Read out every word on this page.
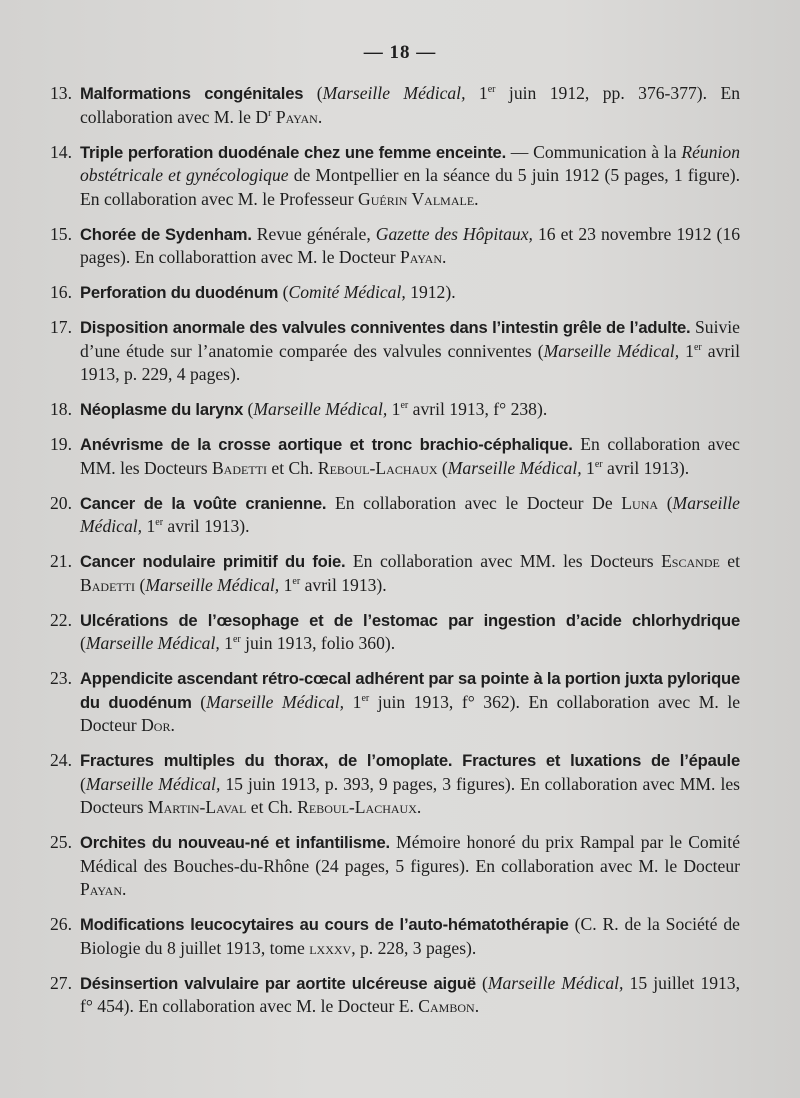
— 18 —
13. Malformations congénitales (Marseille Médical, 1er juin 1912, pp. 376-377). En collaboration avec M. le $D^r$ Payan.
14. Triple perforation duodénale chez une femme enceinte. — Communication à la Réunion obstétricale et gynécologique de Montpellier en la séance du 5 juin 1912 (5 pages, 1 figure). En collaboration avec M. le Professeur Guérin Valmale.
15. Chorée de Sydenham. Revue générale, Gazette des Hôpitaux, 16 et 23 novembre 1912 (16 pages). En collaborattion avec M. le Docteur Payan.
16. Perforation du duodénum (Comité Médical, 1912).
17. Disposition anormale des valvules conniventes dans l’intestin grêle de l’adulte. Suivie d’une étude sur l’anatomie comparée des valvules conniventes (Marseille Médical, 1er avril 1913, p. 229, 4 pages).
18. Néoplasme du larynx (Marseille Médical, 1er avril 1913, f° 238).
19. Anévrisme de la crosse aortique et tronc brachio-céphalique. En collaboration avec MM. les Docteurs Badetti et Ch. Reboul-Lachaux (Marseille Médical, 1er avril 1913).
20. Cancer de la voûte cranienne. En collaboration avec le Docteur De Luna (Marseille Médical, 1er avril 1913).
21. Cancer nodulaire primitif du foie. En collaboration avec MM. les Docteurs Escande et Badetti (Marseille Médical, 1er avril 1913).
22. Ulcérations de l’œsophage et de l’estomac par ingestion d’acide chlorhydrique (Marseille Médical, 1er juin 1913, folio 360).
23. Appendicite ascendant rétro-cœcal adhérent par sa pointe à la portion juxta pylorique du duodénum (Marseille Médical, 1er juin 1913, f° 362). En collaboration avec M. le Docteur Dor.
24. Fractures multiples du thorax, de l’omoplate. Fractures et luxations de l’épaule (Marseille Médical, 15 juin 1913, p. 393, 9 pages, 3 figures). En collaboration avec MM. les Docteurs Martin-Laval et Ch. Reboul-Lachaux.
25. Orchites du nouveau-né et infantilisme. Mémoire honoré du prix Rampal par le Comité Médical des Bouches-du-Rhône (24 pages, 5 figures). En collaboration avec M. le Docteur Payan.
26. Modifications leucocytaires au cours de l’auto-hématothérapie (C. R. de la Société de Biologie du 8 juillet 1913, tome lxxxv, p. 228, 3 pages).
27. Désinsertion valvulaire par aortite ulcéreuse aiguë (Marseille Médical, 15 juillet 1913, f° 454). En collaboration avec M. le Docteur E. Cambon.
